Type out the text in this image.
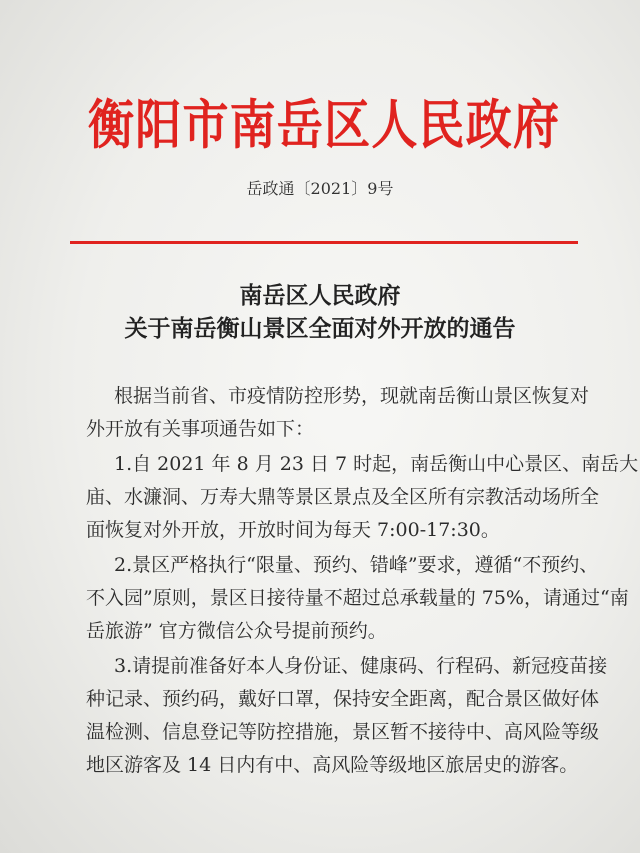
衡阳市南岳区人民政府
岳政通〔2021〕9号
南岳区人民政府
关于南岳衡山景区全面对外开放的通告
根据当前省、市疫情防控形势，现就南岳衡山景区恢复对
外开放有关事项通告如下：
1.自 2021 年 8 月 23 日 7 时起，南岳衡山中心景区、南岳大
庙、水濂洞、万寿大鼎等景区景点及全区所有宗教活动场所全
面恢复对外开放，开放时间为每天 7:00-17:30。
2.景区严格执行“限量、预约、错峰”要求，遵循“不预约、
不入园”原则，景区日接待量不超过总承载量的 75%，请通过“南
岳旅游” 官方微信公众号提前预约。
3.请提前准备好本人身份证、健康码、行程码、新冠疫苗接
种记录、预约码，戴好口罩，保持安全距离，配合景区做好体
温检测、信息登记等防控措施，景区暂不接待中、高风险等级
地区游客及 14 日内有中、高风险等级地区旅居史的游客。
